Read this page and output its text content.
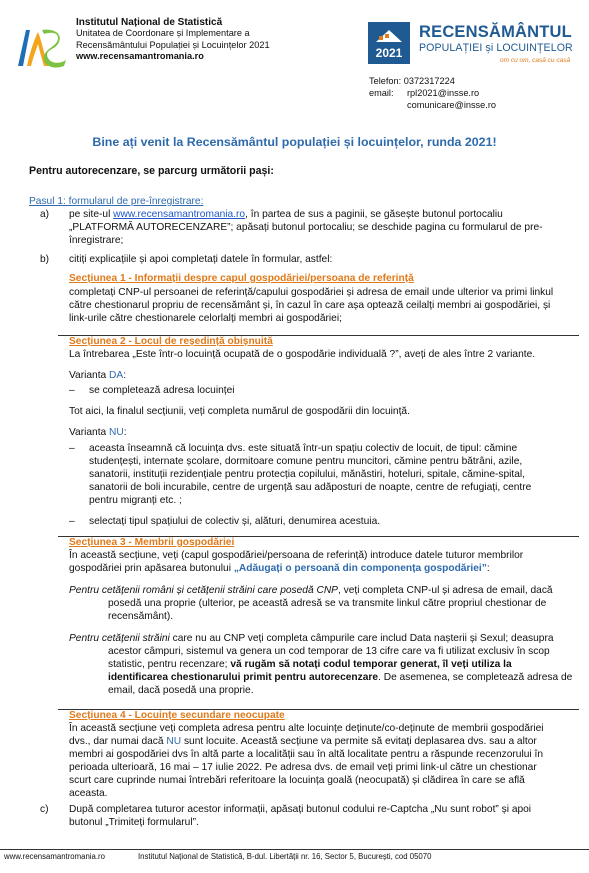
Institutul Național de Statistică
Unitatea de Coordonare și Implementare a
Recensământului Populației și Locuințelor 2021
www.recensamantromania.ro	2021
RECENSĂMÂNTUL
POPULAȚIEI și LOCUINȚELOR
om cu om, casă cu casă
Telefon: 0372317224
email: rpl2021@insse.ro
comunicare@insse.ro
Bine ați venit la Recensământul populației și locuințelor, runda 2021!
Pentru autorecenzare, se parcurg următorii pași:
Pasul 1: formularul de pre-înregistrare:
a) pe site-ul www.recensamantromania.ro, în partea de sus a paginii, se găsește butonul portocaliu
„PLATFORMĂ AUTORECENZARE”; apăsați butonul portocaliu; se deschide pagina cu formularul de pre-
înregistrare;
b) citiți explicațiile și apoi completați datele în formular, astfel:
Secțiunea 1 - Informații despre capul gospodăriei/persoana de referință
completați CNP-ul persoanei de referință/capului gospodăriei și adresa de email unde ulterior va primi linkul
către chestionarul propriu de recensământ și, în cazul în care așa optează ceilalți membri ai gospodăriei, și
link-urile către chestionarele celorlalți membri ai gospodăriei;
Secțiunea 2 - Locul de reședință obișnuită
La întrebarea „Este într-o locuință ocupată de o gospodărie individuală ?”, aveți de ales între 2 variante.
Varianta DA:
– se completează adresa locuinței
Tot aici, la finalul secțiunii, veți completa numărul de gospodării din locuință.
Varianta NU:
– aceasta înseamnă că locuința dvs. este situată într-un spațiu colectiv de locuit, de tipul: cămine
studențești, internate școlare, dormitoare comune pentru muncitori, cămine pentru bătrâni, azile,
sanatorii, instituții rezidențiale pentru protecția copilului, mănăstiri, hoteluri, spitale, cămine-spital,
sanatorii de boli incurabile, centre de urgență sau adăposturi de noapte, centre de refugiați, centre
pentru migranți etc. ;
– selectați tipul spațiului de colectiv și, alături, denumirea acestuia.
Secțiunea 3 - Membrii gospodăriei
În această secțiune, veți (capul gospodăriei/persoana de referință) introduce datele tuturor membrilor
gospodăriei prin apăsarea butonului „Adăugați o persoană din componența gospodăriei”:
Pentru cetățenii români și cetățenii străini care posedă CNP, veți completa CNP-ul și adresa de email, dacă
posedă una proprie (ulterior, pe această adresă se va transmite linkul către propriul chestionar de
recensământ).
Pentru cetățenii străini care nu au CNP veți completa câmpurile care includ Data nașterii și Sexul; deasupra
acestor câmpuri, sistemul va genera un cod temporar de 13 cifre care va fi utilizat exclusiv în scop
statistic, pentru recenzare; vă rugăm să notați codul temporar generat, îl veți utiliza la
identificarea chestionarului primit pentru autorecenzare. De asemenea, se completează adresa de
email, dacă posedă una proprie.
Secțiunea 4 - Locuințe secundare neocupate
În această secțiune veți completa adresa pentru alte locuințe deținute/co-deținute de membrii gospodăriei
dvs., dar numai dacă NU sunt locuite. Această secțiune va permite să evitați deplasarea dvs. sau a altor
membri ai gospodăriei dvs în altă parte a localității sau în altă localitate pentru a răspunde recenzorului în
perioada ulterioară, 16 mai – 17 iulie 2022. Pe adresa dvs. de email veți primi link-ul către un chestionar
scurt care cuprinde numai întrebări referitoare la locuința goală (neocupată) și clădirea în care se află
aceasta.
c) După completarea tuturor acestor informații, apăsați butonul codului re-Captcha „Nu sunt robot” și apoi
butonul „Trimiteți formularul”.
www.recensamantromania.ro	Institutul Național de Statistică, B-dul. Libertății nr. 16, Sector 5, București, cod 05070
